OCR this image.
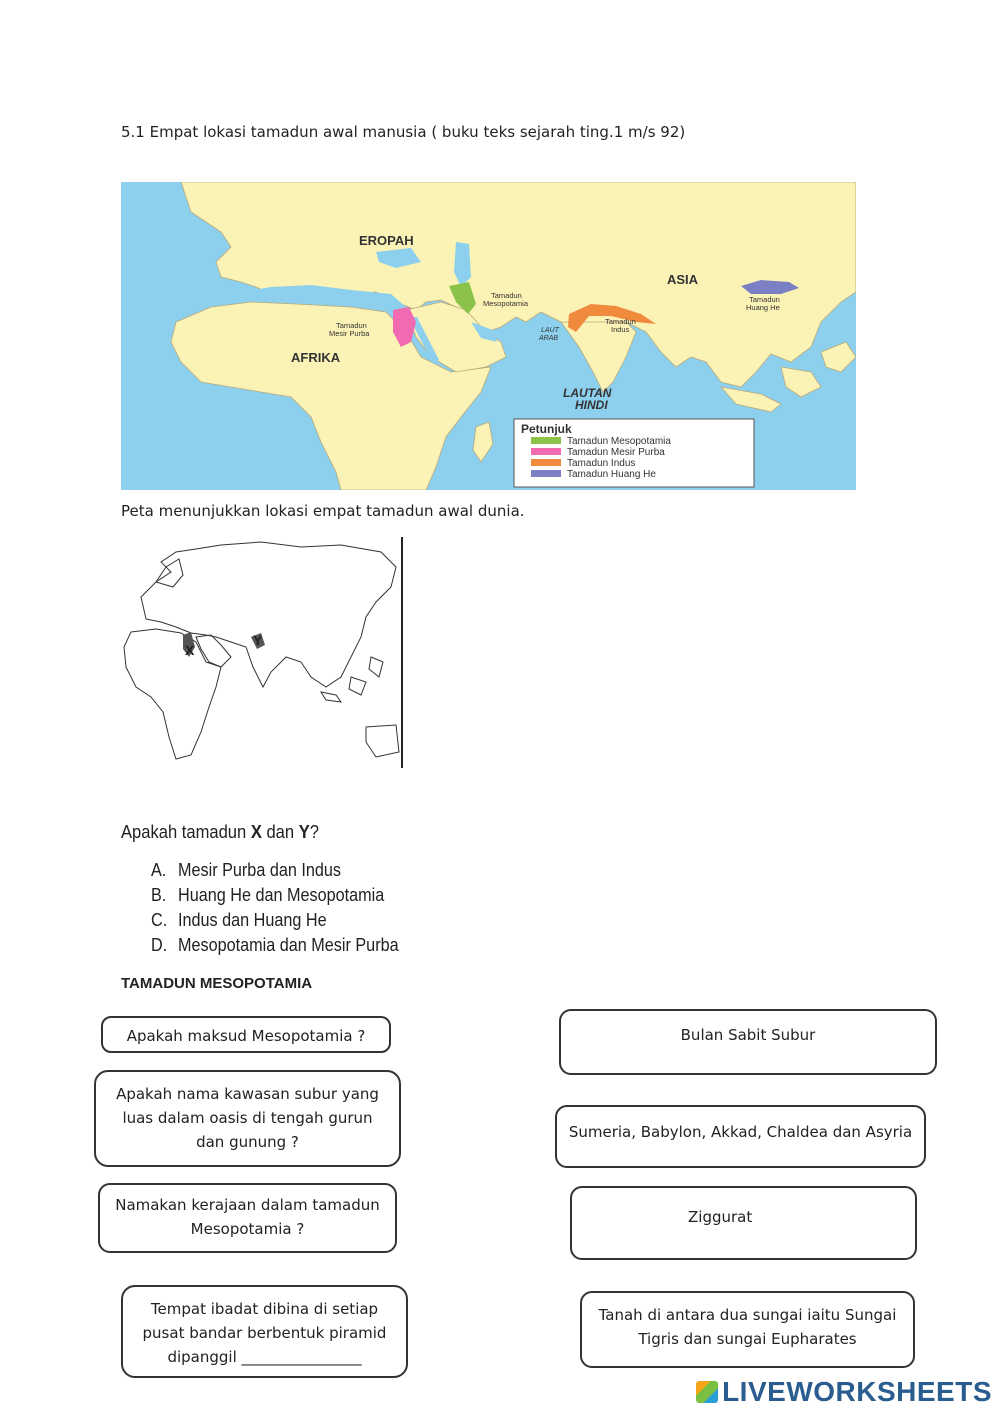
5.1 Empat lokasi tamadun awal manusia ( buku teks sejarah ting.1 m/s 92)
EROPAH
ASIA
AFRIKA
LAUTAN
HINDI
Tamadun
Mesopotamia
Tamadun
Mesir Purba
Tamadun
Indus
Tamadun
Huang He
LAUT
ARAB
Petunjuk
Tamadun Mesopotamia
Tamadun Mesir Purba
Tamadun Indus
Tamadun Huang He
Peta menunjukkan lokasi empat tamadun awal dunia.
X
Y
Apakah tamadun X dan Y?
A. Mesir Purba dan Indus
B. Huang He dan Mesopotamia
C. Indus dan Huang He
D. Mesopotamia dan Mesir Purba
TAMADUN MESOPOTAMIA
Apakah maksud Mesopotamia ?
Apakah nama kawasan subur yang
luas dalam oasis di tengah gurun
dan gunung ?
Namakan kerajaan dalam tamadun
Mesopotamia ?
Tempat ibadat dibina di setiap
pusat bandar berbentuk piramid
dipanggil ________________
Bulan Sabit Subur
Sumeria, Babylon, Akkad, Chaldea dan Asyria
Ziggurat
Tanah di antara dua sungai iaitu Sungai
Tigris dan sungai Eupharates
LIVEWORKSHEETS
